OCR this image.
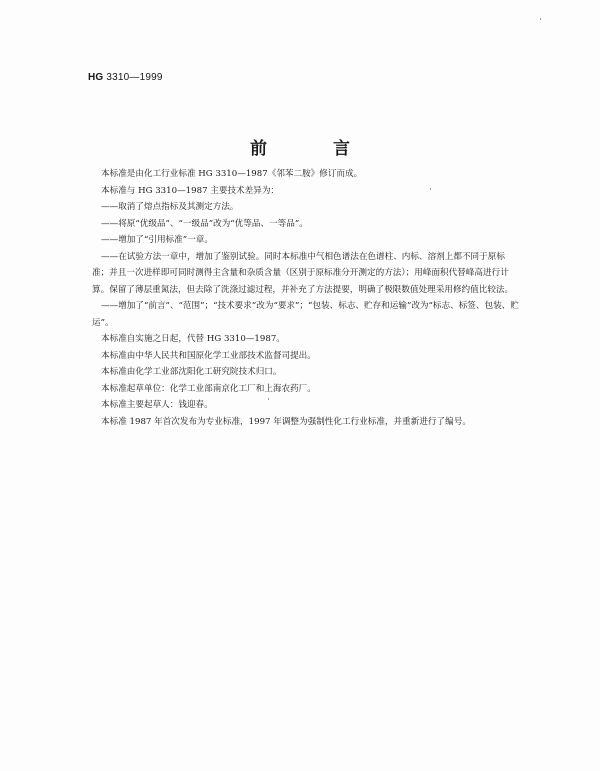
HG 3310—1999
前 言

本标准是由化工行业标准 HG 3310—1987《邻苯二胺》修订而成。

本标准与 HG 3310—1987 主要技术差异为：

——取消了熔点指标及其测定方法。

——将原“优级品”、“一级品”改为“优等品、一等品”。

——增加了“引用标准”一章。

——在试验方法一章中，增加了鉴别试验。同时本标准中气相色谱法在色谱柱、内标、溶剂上都不同于原标准；并且一次进样即可同时测得主含量和杂质含量（区别于原标准分开测定的方法）；用峰面积代替峰高进行计算。保留了薄层重氮法，但去除了洗涤过滤过程，并补充了方法提要，明确了极限数值处理采用修约值比较法。

——增加了“前言”、“范围”；“技术要求”改为“要求”；“包装、标志、贮存和运输”改为“标志、标签、包装、贮运”。

本标准自实施之日起，代替 HG 3310—1987。

本标准由中华人民共和国原化学工业部技术监督司提出。

本标准由化学工业部沈阳化工研究院技术归口。

本标准起草单位：化学工业部南京化工厂和上海农药厂。

本标准主要起草人：钱迎春。

本标准 1987 年首次发布为专业标准，1997 年调整为强制性化工行业标准，并重新进行了编号。
